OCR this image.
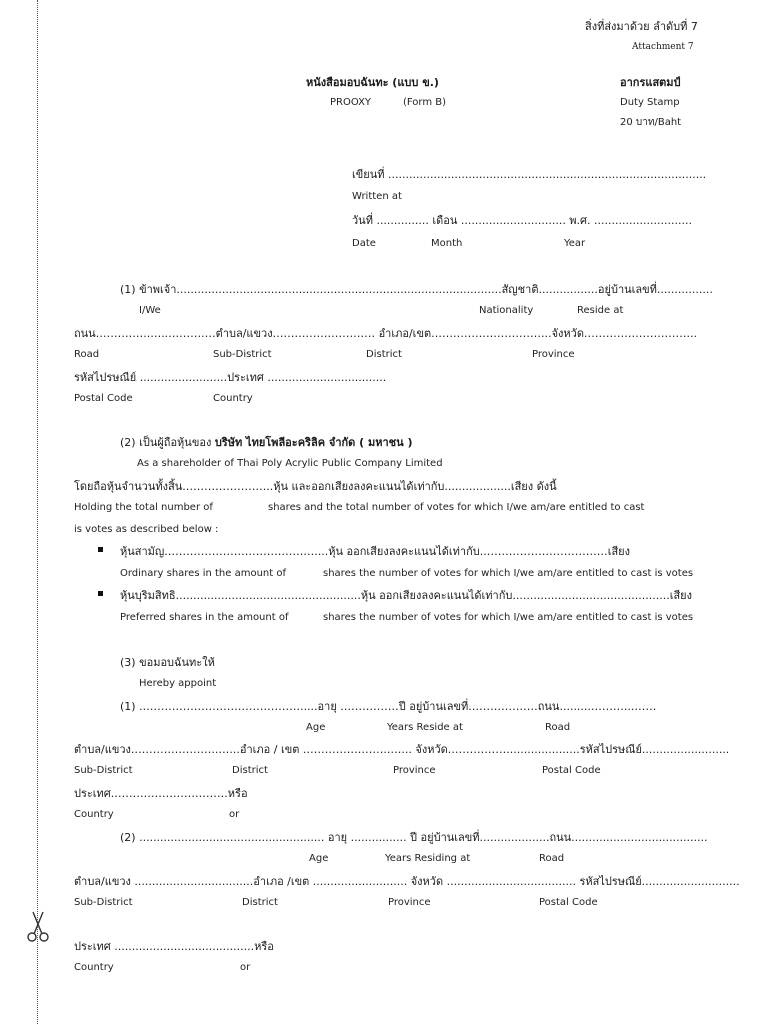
สิ่งที่ส่งมาด้วย ลำดับที่ 7
Attachment 7
หนังสือมอบฉันทะ (แบบ ข.)
PROOXY	(Form B)
อากรแสตมป์
Duty Stamp
20 บาท/Baht
เขียนที่ ...........................................................................................
Written at
วันที่ ............... เดือน .............................. พ.ศ. ............................
Date	Month	Year
(1) ข้าพเจ้า.............................................................................................สัญชาติ.................อยู่บ้านเลขที่................
I/We	Nationality	Reside at
ถนน.…………..…..……….…ตำบล/แขวง.……………………… อำเภอ/เขต.…………………………..จังหวัด.………………………...
Road	Sub-District	District	Province
รหัสไปรษณีย์ .........................ประเทศ ..................................
Postal Code	Country
(2) เป็นผู้ถือหุ้นของ บริษัท ไทยโพลีอะคริลิค จำกัด ( มหาชน )
As a shareholder of Thai Poly Acrylic Public Company Limited
โดยถือหุ้นจำนวนทั้งสิ้น.…………………...หุ้น และออกเสียงลงคะแนนได้เท่ากับ...................เสียง ดังนี้
Holding the total number of	shares and the total number of votes for which I/we am/are entitled to cast
is votes as described below :
หุ้นสามัญ.……………………………….…....หุ้น ออกเสียงลงคะแนนได้เท่ากับ..……………………………เสียง
Ordinary shares in the amount of	shares the number of votes for which I/we am/are entitled to cast is votes
หุ้นบุริมสิทธิ.....................................................หุ้น ออกเสียงลงคะแนนได้เท่ากับ.............................................เสียง
Preferred shares in the amount of	shares the number of votes for which I/we am/are entitled to cast is votes
(3) ขอมอบฉันทะให้
Hereby appoint
(1) ..…………………………………….....อายุ .……………ปี อยู่บ้านเลขที่.………………ถนน.........………...……
Age	Years Reside at	Road
ตำบล/แขวง.…………………..…...อำเภอ / เขต .…………………..…... จังหวัด.…………….....................รหัสไปรษณีย์.........................
Sub-District	District	Province	Postal Code
ประเทศ.………………………….หรือ
Country	or
(2) ..................................................... อายุ ................ ปี อยู่บ้านเลขที่....................ถนน.......................................
Age	Years Residing at	Road
ตำบล/แขวง ..................................อำเภอ /เขต ........................... จังหวัด ..................................... รหัสไปรษณีย์............................
Sub-District	District	Province	Postal Code
ประเทศ ........................................หรือ
Country	or
